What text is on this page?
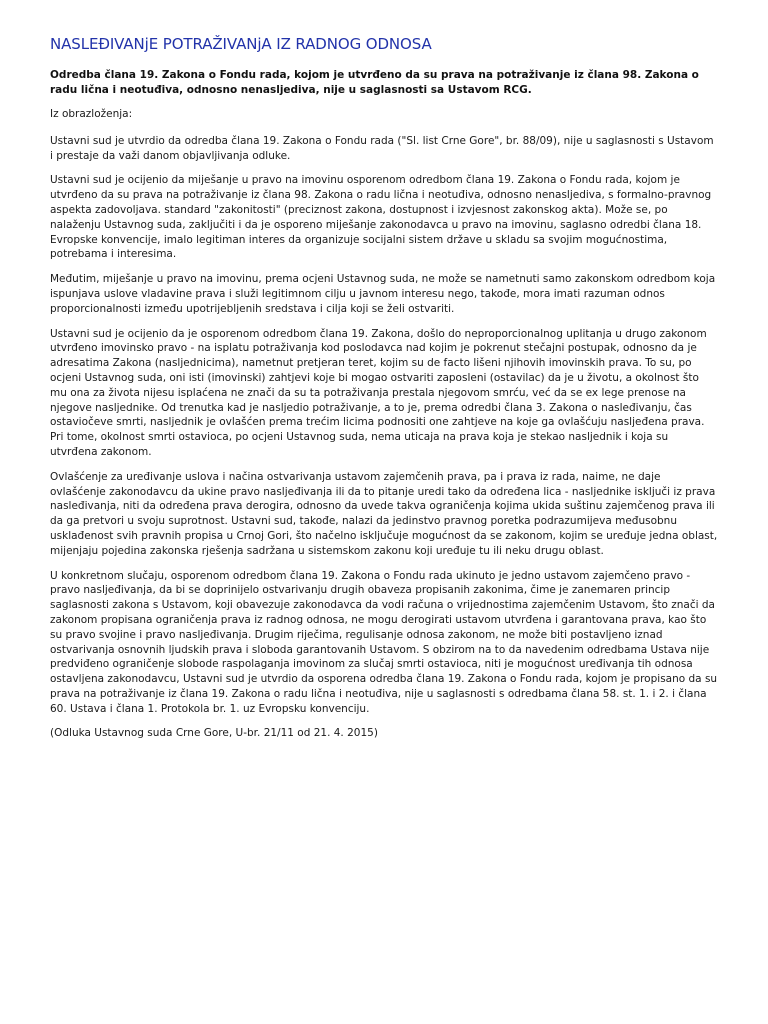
NASLEĐIVANjE POTRAŽIVANjA IZ RADNOG ODNOSA

Odredba člana 19. Zakona o Fondu rada, kojom je utvrđeno da su prava na potraživanje iz člana 98. Zakona o radu lična i neotuđiva, odnosno nenasljediva, nije u saglasnosti sa Ustavom RCG.

Iz obrazloženja:

Ustavni sud je utvrdio da odredba člana 19. Zakona o Fondu rada ("Sl. list Crne Gore", br. 88/09), nije u saglasnosti s Ustavom i prestaje da važi danom objavljivanja odluke.

Ustavni sud je ocijenio da miješanje u pravo na imovinu osporenom odredbom člana 19. Zakona o Fondu rada, kojom je utvrđeno da su prava na potraživanje iz člana 98. Zakona o radu lična i neotuđiva, odnosno nenasljediva, s formalno-pravnog aspekta zadovoljava. standard "zakonitosti" (preciznost zakona, dostupnost i izvjesnost zakonskog akta). Može se, po nalaženju Ustavnog suda, zaključiti i da je osporeno miješanje zakonodavca u pravo na imovinu, saglasno odredbi člana 18. Evropske konvencije, imalo legitiman interes da organizuje socijalni sistem države u skladu sa svojim mogućnostima, potrebama i interesima.

Međutim, miješanje u pravo na imovinu, prema ocjeni Ustavnog suda, ne može se nametnuti samo zakonskom odredbom koja ispunjava uslove vladavine prava i služi legitimnom cilju u javnom interesu nego, takođe, mora imati razuman odnos proporcionalnosti između upotrijebljenih sredstava i cilja koji se želi ostvariti.

Ustavni sud je ocijenio da je osporenom odredbom člana 19. Zakona, došlo do neproporcionalnog uplitanja u drugo zakonom utvrđeno imovinsko pravo - na isplatu potraživanja kod poslodavca nad kojim je pokrenut stečajni postupak, odnosno da je adresatima Zakona (nasljednicima), nametnut pretjeran teret, kojim su de facto lišeni njihovih imovinskih prava. To su, po ocjeni Ustavnog suda, oni isti (imovinski) zahtjevi koje bi mogao ostvariti zaposleni (ostavilac) da je u životu, a okolnost što mu ona za života nijesu isplaćena ne znači da su ta potraživanja prestala njegovom smrću, već da se ex lege prenose na njegove nasljednike. Od trenutka kad je nasljedio potraživanje, a to je, prema odredbi člana 3. Zakona o nasleđivanju, čas ostaviočeve smrti, nasljednik je ovlašćen prema trećim licima podnositi one zahtjeve na koje ga ovlašćuju nasljeđena prava. Pri tome, okolnost smrti ostavioca, po ocjeni Ustavnog suda, nema uticaja na prava koja je stekao nasljednik i koja su utvrđena zakonom.

Ovlašćenje za uređivanje uslova i načina ostvarivanja ustavom zajemčenih prava, pa i prava iz rada, naime, ne daje ovlašćenje zakonodavcu da ukine pravo nasljeđivanja ili da to pitanje uredi tako da određena lica - nasljednike isključi iz prava nasleđivanja, niti da određena prava derogira, odnosno da uvede takva ograničenja kojima ukida suštinu zajemčenog prava ili da ga pretvori u svoju suprotnost. Ustavni sud, takođe, nalazi da jedinstvo pravnog poretka podrazumijeva međusobnu usklađenost svih pravnih propisa u Crnoj Gori, što načelno isključuje mogućnost da se zakonom, kojim se uređuje jedna oblast, mijenjaju pojedina zakonska rješenja sadržana u sistemskom zakonu koji uređuje tu ili neku drugu oblast.

U konkretnom slučaju, osporenom odredbom člana 19. Zakona o Fondu rada ukinuto je jedno ustavom zajemčeno pravo - pravo nasljeđivanja, da bi se doprinijelo ostvarivanju drugih obaveza propisanih zakonima, čime je zanemaren princip saglasnosti zakona s Ustavom, koji obavezuje zakonodavca da vodi računa o vrijednostima zajemčenim Ustavom, što znači da zakonom propisana ograničenja prava iz radnog odnosa, ne mogu derogirati ustavom utvrđena i garantovana prava, kao što su pravo svojine i pravo nasljeđivanja. Drugim riječima, regulisanje odnosa zakonom, ne može biti postavljeno iznad ostvarivanja osnovnih ljudskih prava i sloboda garantovanih Ustavom. S obzirom na to da navedenim odredbama Ustava nije predviđeno ograničenje slobode raspolaganja imovinom za slučaj smrti ostavioca, niti je mogućnost uređivanja tih odnosa ostavljena zakonodavcu, Ustavni sud je utvrdio da osporena odredba člana 19. Zakona o Fondu rada, kojom je propisano da su prava na potraživanje iz člana 19. Zakona o radu lična i neotuđiva, nije u saglasnosti s odredbama člana 58. st. 1. i 2. i člana 60. Ustava i člana 1. Protokola br. 1. uz Evropsku konvenciju.

(Odluka Ustavnog suda Crne Gore, U-br. 21/11 od 21. 4. 2015)
